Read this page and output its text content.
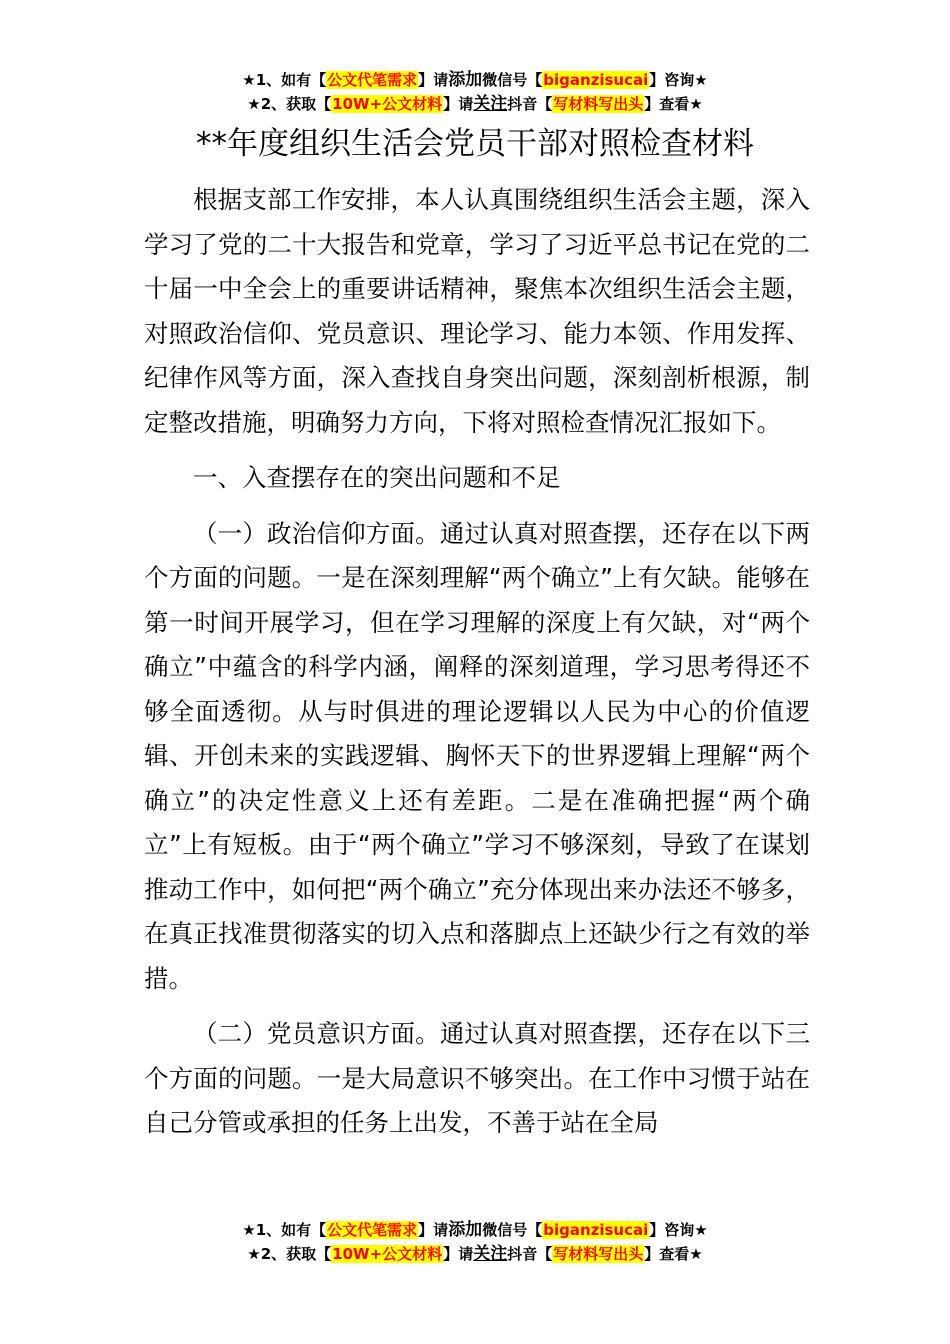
★1、如有【公文代笔需求】请添加微信号【biganzisucai】咨询★
★2、获取【10W+公文材料】请关注抖音【写材料写出头】查看★
**年度组织生活会党员干部对照检查材料

根据支部工作安排，本人认真围绕组织生活会主题，深入学习了党的二十大报告和党章，学习了习近平总书记在党的二十届一中全会上的重要讲话精神，聚焦本次组织生活会主题，对照政治信仰、党员意识、理论学习、能力本领、作用发挥、纪律作风等方面，深入查找自身突出问题，深刻剖析根源，制定整改措施，明确努力方向，下将对照检查情况汇报如下。

一、入查摆存在的突出问题和不足

（一）政治信仰方面。通过认真对照查摆，还存在以下两个方面的问题。一是在深刻理解“两个确立”上有欠缺。能够在第一时间开展学习，但在学习理解的深度上有欠缺，对“两个确立”中蕴含的科学内涵，阐释的深刻道理，学习思考得还不够全面透彻。从与时俱进的理论逻辑以人民为中心的价值逻辑、开创未来的实践逻辑、胸怀天下的世界逻辑上理解“两个确立”的决定性意义上还有差距。二是在准确把握“两个确立”上有短板。由于“两个确立”学习不够深刻，导致了在谋划推动工作中，如何把“两个确立”充分体现出来办法还不够多，在真正找准贯彻落实的切入点和落脚点上还缺少行之有效的举措。

（二）党员意识方面。通过认真对照查摆，还存在以下三个方面的问题。一是大局意识不够突出。在工作中习惯于站在自己分管或承担的任务上出发，不善于站在全局

★1、如有【公文代笔需求】请添加微信号【biganzisucai】咨询★
★2、获取【10W+公文材料】请关注抖音【写材料写出头】查看★
